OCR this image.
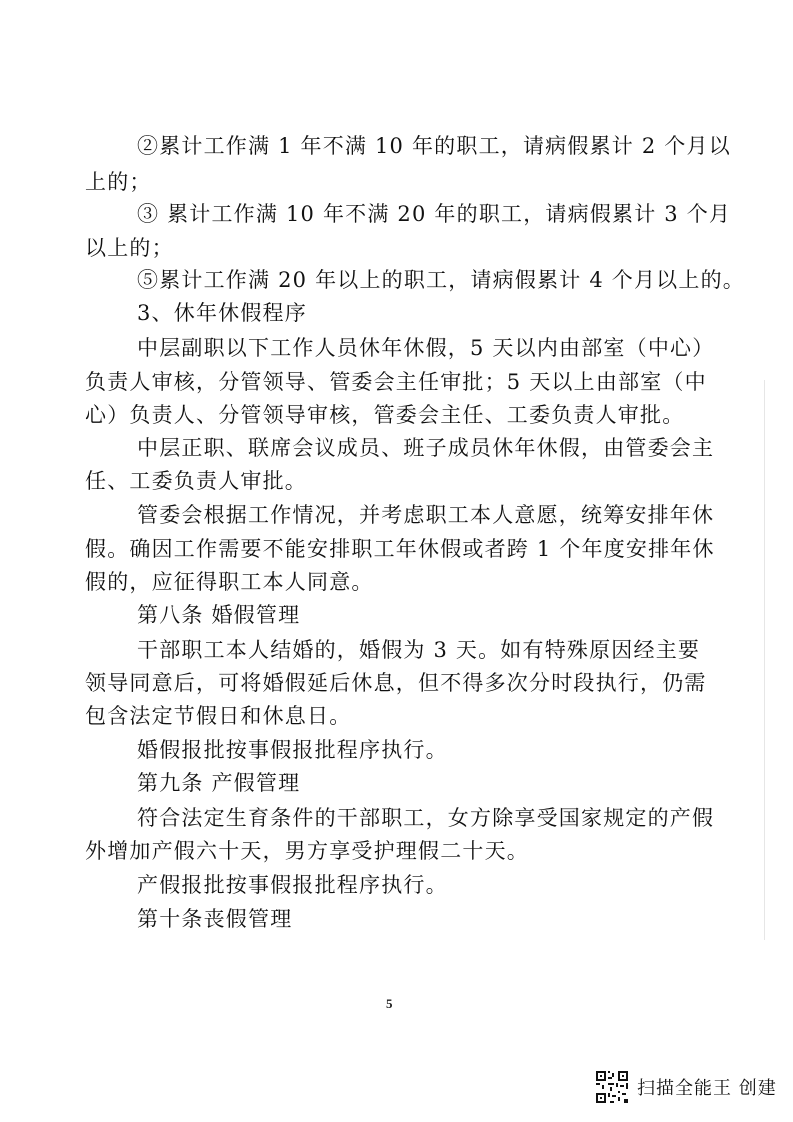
②累计工作满 1 年不满 10 年的职工，请病假累计 2 个月以
上的；
③ 累计工作满 10 年不满 20 年的职工，请病假累计 3 个月
以上的；
⑤累计工作满 20 年以上的职工，请病假累计 4 个月以上的。
3、休年休假程序
中层副职以下工作人员休年休假，5 天以内由部室（中心）
负责人审核，分管领导、管委会主任审批；5 天以上由部室（中
心）负责人、分管领导审核，管委会主任、工委负责人审批。
中层正职、联席会议成员、班子成员休年休假，由管委会主
任、工委负责人审批。
管委会根据工作情况，并考虑职工本人意愿，统筹安排年休
假。确因工作需要不能安排职工年休假或者跨 1 个年度安排年休
假的，应征得职工本人同意。
第八条 婚假管理
干部职工本人结婚的，婚假为 3 天。如有特殊原因经主要
领导同意后，可将婚假延后休息，但不得多次分时段执行，仍需
包含法定节假日和休息日。
婚假报批按事假报批程序执行。
第九条 产假管理
符合法定生育条件的干部职工，女方除享受国家规定的产假
外增加产假六十天，男方享受护理假二十天。
产假报批按事假报批程序执行。
第十条丧假管理
5
扫描全能王 创建
